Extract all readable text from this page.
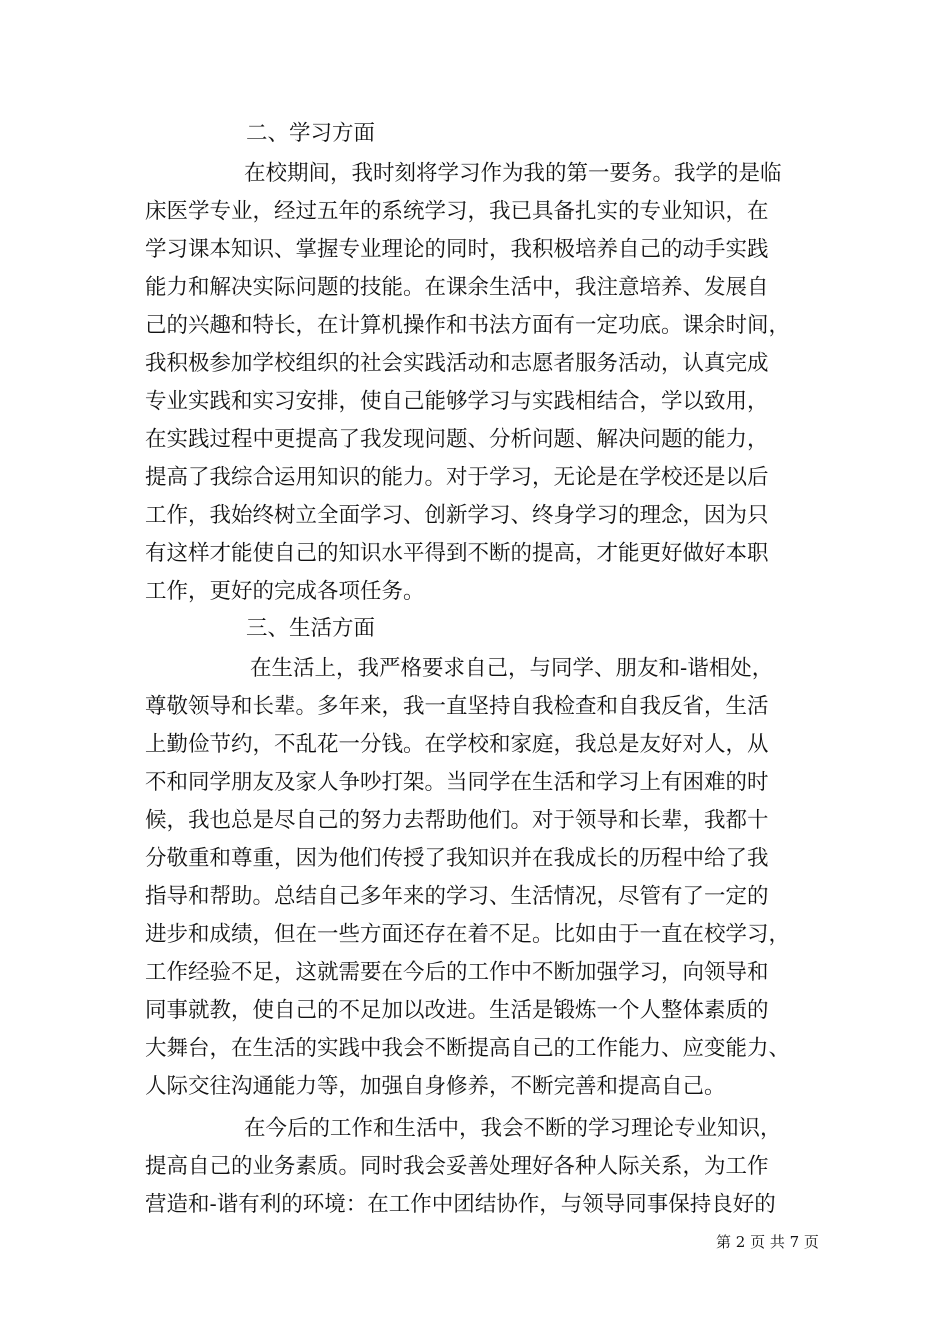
二、学习方面
在校期间，我时刻将学习作为我的第一要务。我学的是临
床医学专业，经过五年的系统学习，我已具备扎实的专业知识，在
学习课本知识、掌握专业理论的同时，我积极培养自己的动手实践
能力和解决实际问题的技能。在课余生活中，我注意培养、发展自
己的兴趣和特长，在计算机操作和书法方面有一定功底。课余时间，
我积极参加学校组织的社会实践活动和志愿者服务活动，认真完成
专业实践和实习安排，使自己能够学习与实践相结合，学以致用，
在实践过程中更提高了我发现问题、分析问题、解决问题的能力，
提高了我综合运用知识的能力。对于学习，无论是在学校还是以后
工作，我始终树立全面学习、创新学习、终身学习的理念，因为只
有这样才能使自己的知识水平得到不断的提高，才能更好做好本职
工作，更好的完成各项任务。
三、生活方面
在生活上，我严格要求自己，与同学、朋友和-谐相处，
尊敬领导和长辈。多年来，我一直坚持自我检查和自我反省，生活
上勤俭节约，不乱花一分钱。在学校和家庭，我总是友好对人，从
不和同学朋友及家人争吵打架。当同学在生活和学习上有困难的时
候，我也总是尽自己的努力去帮助他们。对于领导和长辈，我都十
分敬重和尊重，因为他们传授了我知识并在我成长的历程中给了我
指导和帮助。总结自己多年来的学习、生活情况，尽管有了一定的
进步和成绩，但在一些方面还存在着不足。比如由于一直在校学习，
工作经验不足，这就需要在今后的工作中不断加强学习，向领导和
同事就教，使自己的不足加以改进。生活是锻炼一个人整体素质的
大舞台，在生活的实践中我会不断提高自己的工作能力、应变能力、
人际交往沟通能力等，加强自身修养，不断完善和提高自己。
在今后的工作和生活中，我会不断的学习理论专业知识，
提高自己的业务素质。同时我会妥善处理好各种人际关系，为工作
营造和-谐有利的环境：在工作中团结协作，与领导同事保持良好的
第 2 页 共 7 页
